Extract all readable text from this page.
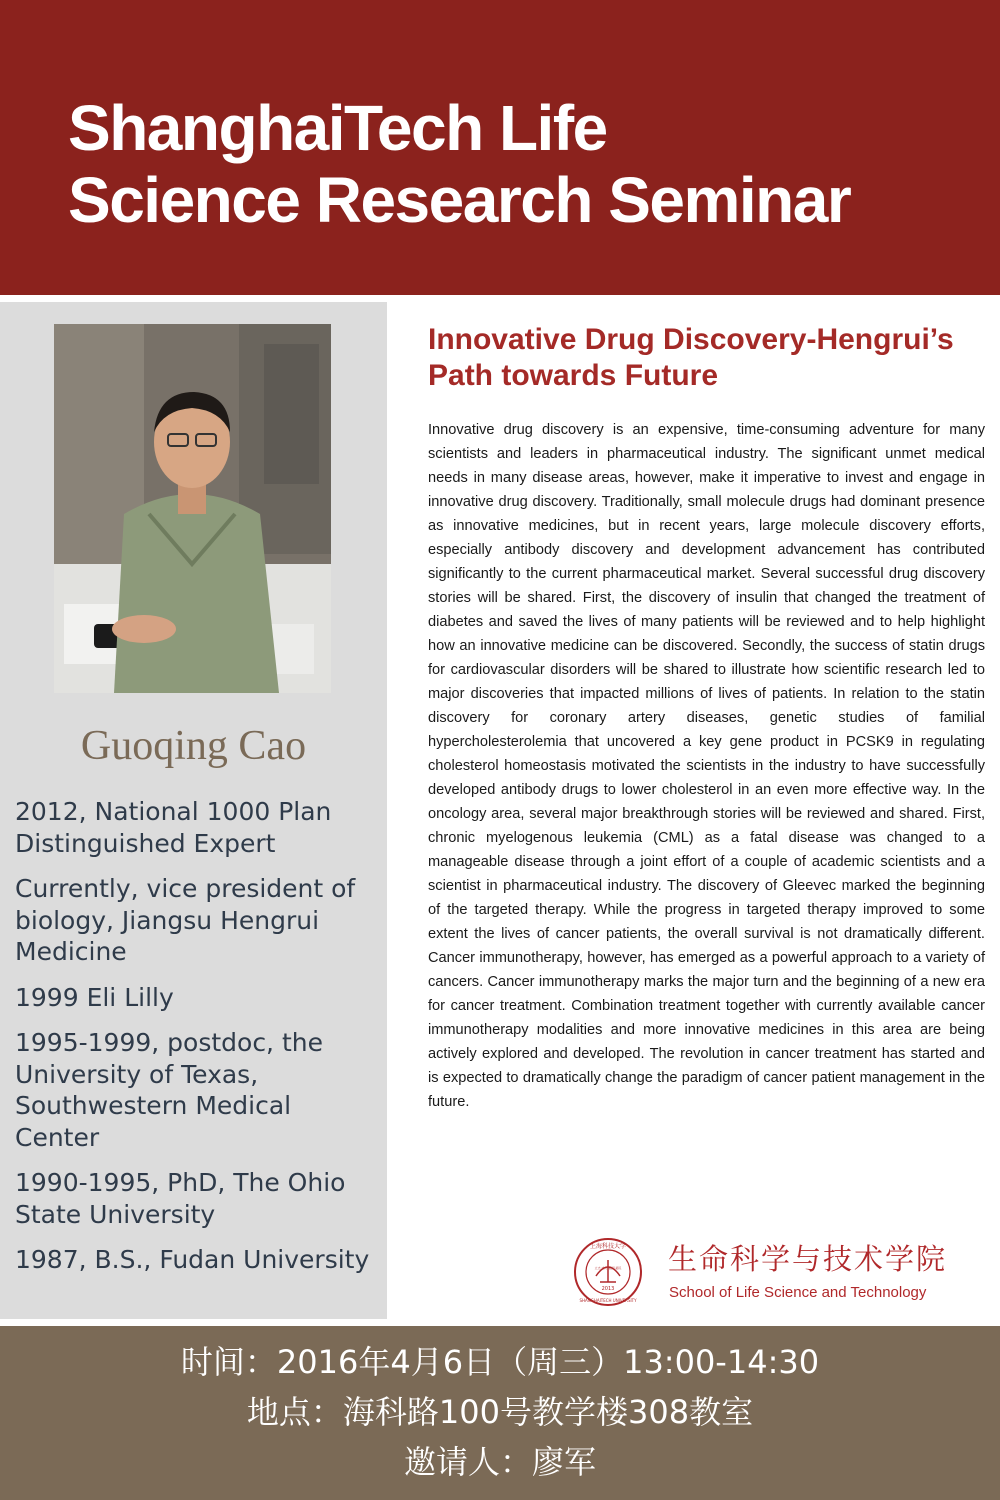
ShanghaiTech Life
Science Research Seminar
Guoqing Cao
2012, National 1000 Plan Distinguished Expert
Currently, vice president of biology, Jiangsu Hengrui Medicine
1999 Eli Lilly
1995-1999, postdoc, the University of Texas, Southwestern Medical Center
1990-1995, PhD, The Ohio State University
1987, B.S., Fudan University
Innovative Drug Discovery-Hengrui’s Path towards Future

Innovative drug discovery is an expensive, time-consuming adventure for many scientists and leaders in pharmaceutical industry. The significant unmet medical needs in many disease areas, however, make it imperative to invest and engage in innovative drug discovery. Traditionally, small molecule drugs had dominant presence as innovative medicines, but in recent years, large molecule discovery efforts, especially antibody discovery and development advancement has contributed significantly to the current pharmaceutical market. Several successful drug discovery stories will be shared. First, the discovery of insulin that changed the treatment of diabetes and saved the lives of many patients will be reviewed and to help highlight how an innovative medicine can be discovered. Secondly, the success of statin drugs for cardiovascular disorders will be shared to illustrate how scientific research led to major discoveries that impacted millions of lives of patients. In relation to the statin discovery for coronary artery diseases, genetic studies of familial hypercholesterolemia that uncovered a key gene product in PCSK9 in regulating cholesterol homeostasis motivated the scientists in the industry to have successfully developed antibody drugs to lower cholesterol in an even more effective way. In the oncology area, several major breakthrough stories will be reviewed and shared. First, chronic myelogenous leukemia (CML) as a fatal disease was changed to a manageable disease through a joint effort of a couple of academic scientists and a scientist in pharmaceutical industry. The discovery of Gleevec marked the beginning of the targeted therapy. While the progress in targeted therapy improved to some extent the lives of cancer patients, the overall survival is not dramatically different. Cancer immunotherapy, however, has emerged as a powerful approach to a variety of cancers. Cancer immunotherapy marks the major turn and the beginning of a new era for cancer treatment. Combination treatment together with currently available cancer immunotherapy modalities and more innovative medicines in this area are being actively explored and developed. The revolution in cancer treatment has started and is expected to dramatically change the paradigm of cancer patient management in the future.

上海科技大学
SHANGHAITECH UNIVERSITY
2013
立志 成才 报国 裕民 生命科学与技术学院
School of Life Science and Technology
时间：2016年4月6日（周三）13:00-14:30
地点：海科路100号教学楼308教室
邀请人：廖军
